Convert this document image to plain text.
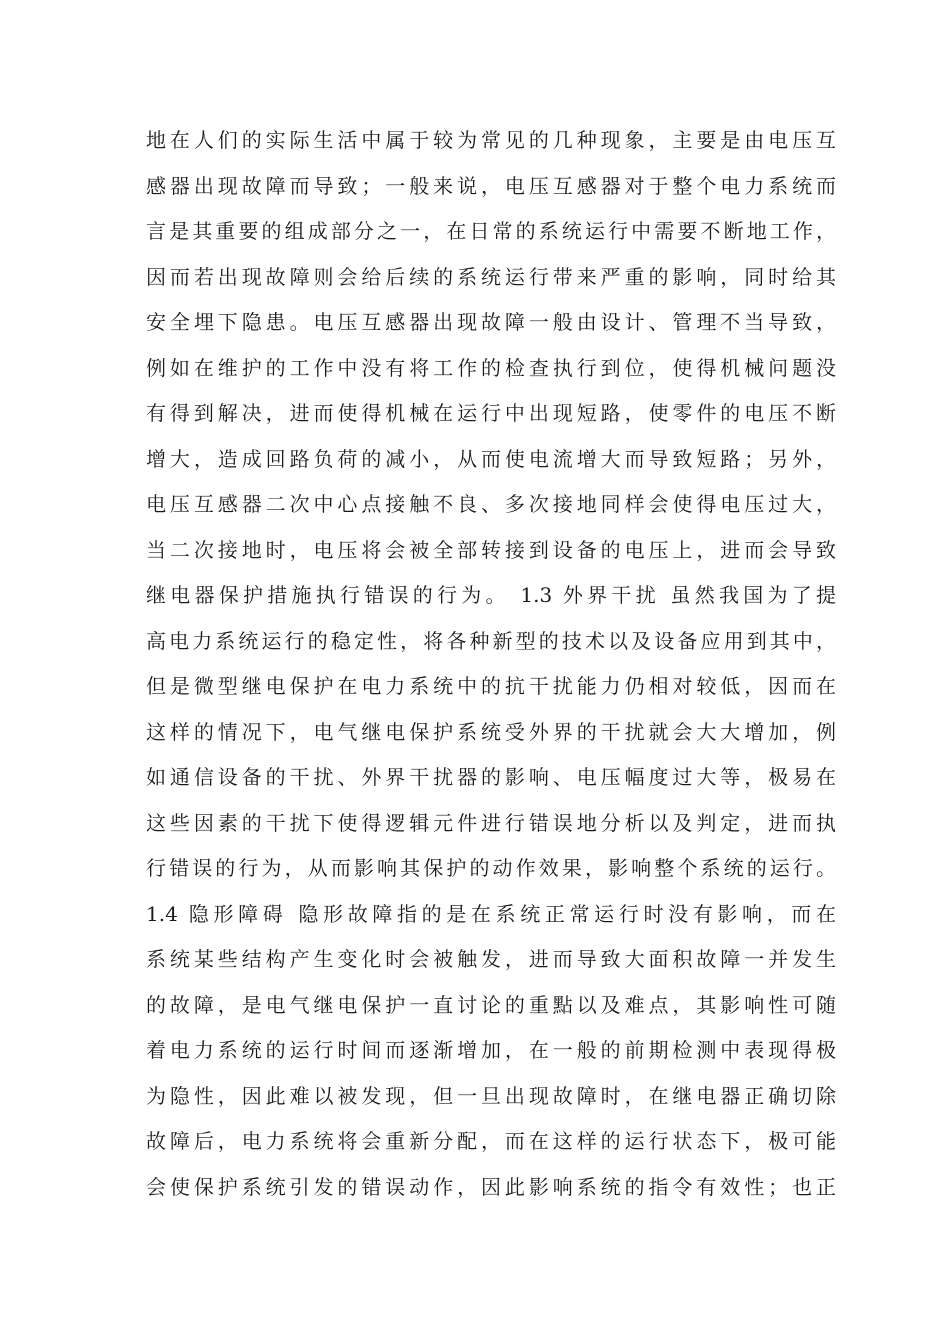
地在人们的实际生活中属于较为常见的几种现象，主要是由电压互
感器出现故障而导致；一般来说，电压互感器对于整个电力系统而
言是其重要的组成部分之一，在日常的系统运行中需要不断地工作，
因而若出现故障则会给后续的系统运行带来严重的影响，同时给其
安全埋下隐患。电压互感器出现故障一般由设计、管理不当导致，
例如在维护的工作中没有将工作的检查执行到位，使得机械问题没
有得到解决，进而使得机械在运行中出现短路，使零件的电压不断
增大，造成回路负荷的减小，从而使电流增大而导致短路；另外，
电压互感器二次中心点接触不良、多次接地同样会使得电压过大，
当二次接地时，电压将会被全部转接到设备的电压上，进而会导致
继电器保护措施执行错误的行为。 1.3 外界干扰 虽然我国为了提
高电力系统运行的稳定性，将各种新型的技术以及设备应用到其中，
但是微型继电保护在电力系统中的抗干扰能力仍相对较低，因而在
这样的情况下，电气继电保护系统受外界的干扰就会大大增加，例
如通信设备的干扰、外界干扰器的影响、电压幅度过大等，极易在
这些因素的干扰下使得逻辑元件进行错误地分析以及判定，进而执
行错误的行为，从而影响其保护的动作效果，影响整个系统的运行。
1.4 隐形障碍 隐形故障指的是在系统正常运行时没有影响，而在
系统某些结构产生变化时会被触发，进而导致大面积故障一并发生
的故障，是电气继电保护一直讨论的重點以及难点，其影响性可随
着电力系统的运行时间而逐渐增加，在一般的前期检测中表现得极
为隐性，因此难以被发现，但一旦出现故障时，在继电器正确切除
故障后，电力系统将会重新分配，而在这样的运行状态下，极可能
会使保护系统引发的错误动作，因此影响系统的指令有效性；也正
